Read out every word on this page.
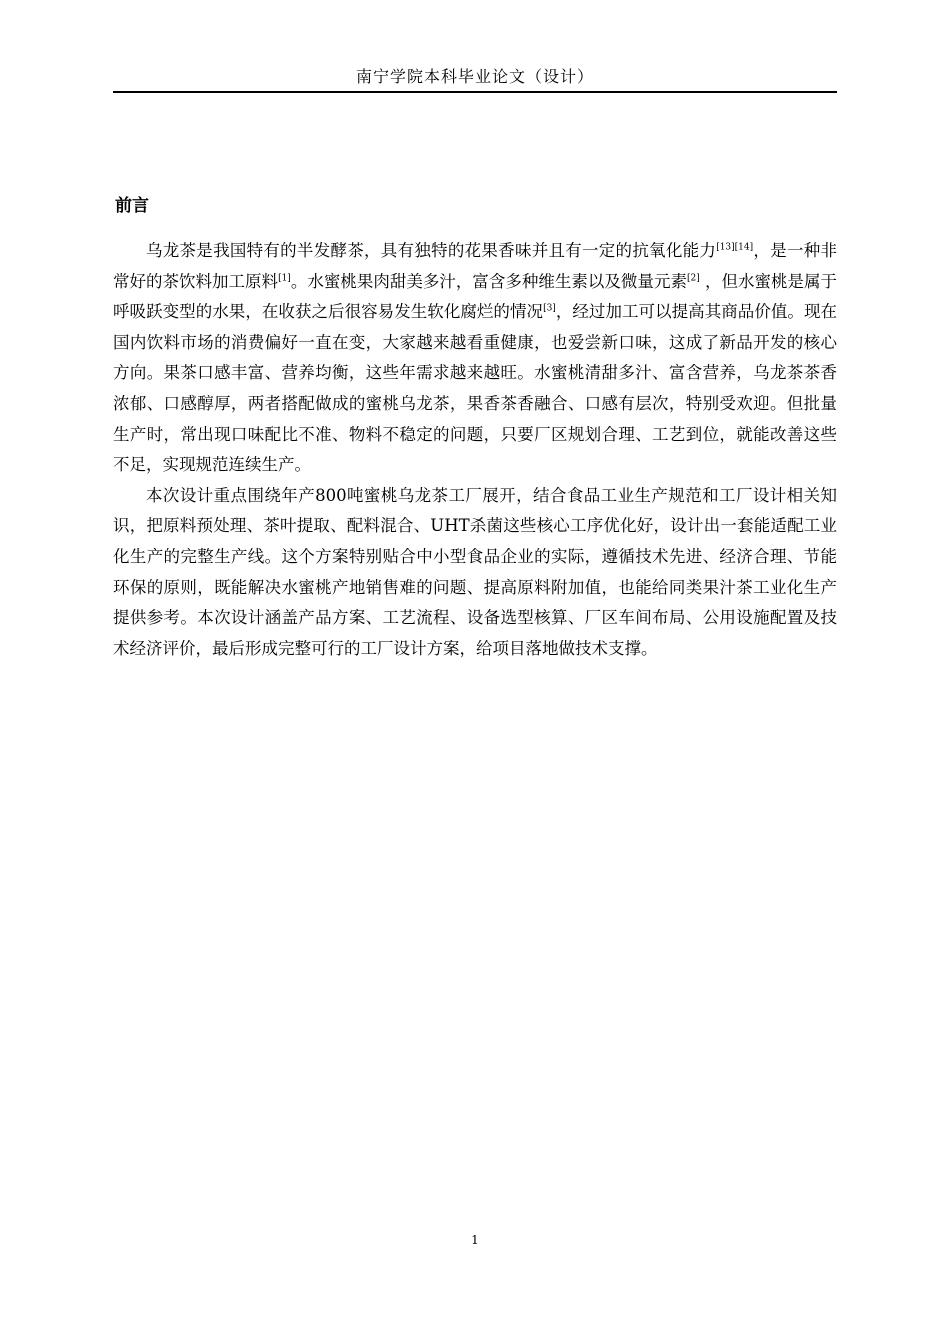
南宁学院本科毕业论文（设计）
前言

乌龙茶是我国特有的半发酵茶，具有独特的花果香味并且有一定的抗氧化能力[13][14]，是一种非常好的茶饮料加工原料[1]。水蜜桃果肉甜美多汁，富含多种维生素以及微量元素[2] ，但水蜜桃是属于呼吸跃变型的水果，在收获之后很容易发生软化腐烂的情况[3]，经过加工可以提高其商品价值。现在国内饮料市场的消费偏好一直在变，大家越来越看重健康，也爱尝新口味，这成了新品开发的核心方向。果茶口感丰富、营养均衡，这些年需求越来越旺。水蜜桃清甜多汁、富含营养，乌龙茶茶香浓郁、口感醇厚，两者搭配做成的蜜桃乌龙茶，果香茶香融合、口感有层次，特别受欢迎。但批量生产时，常出现口味配比不准、物料不稳定的问题，只要厂区规划合理、工艺到位，就能改善这些不足，实现规范连续生产。

本次设计重点围绕年产800吨蜜桃乌龙茶工厂展开，结合食品工业生产规范和工厂设计相关知识，把原料预处理、茶叶提取、配料混合、UHT杀菌这些核心工序优化好，设计出一套能适配工业化生产的完整生产线。这个方案特别贴合中小型食品企业的实际，遵循技术先进、经济合理、节能环保的原则，既能解决水蜜桃产地销售难的问题、提高原料附加值，也能给同类果汁茶工业化生产提供参考。本次设计涵盖产品方案、工艺流程、设备选型核算、厂区车间布局、公用设施配置及技术经济评价，最后形成完整可行的工厂设计方案，给项目落地做技术支撑。

1
